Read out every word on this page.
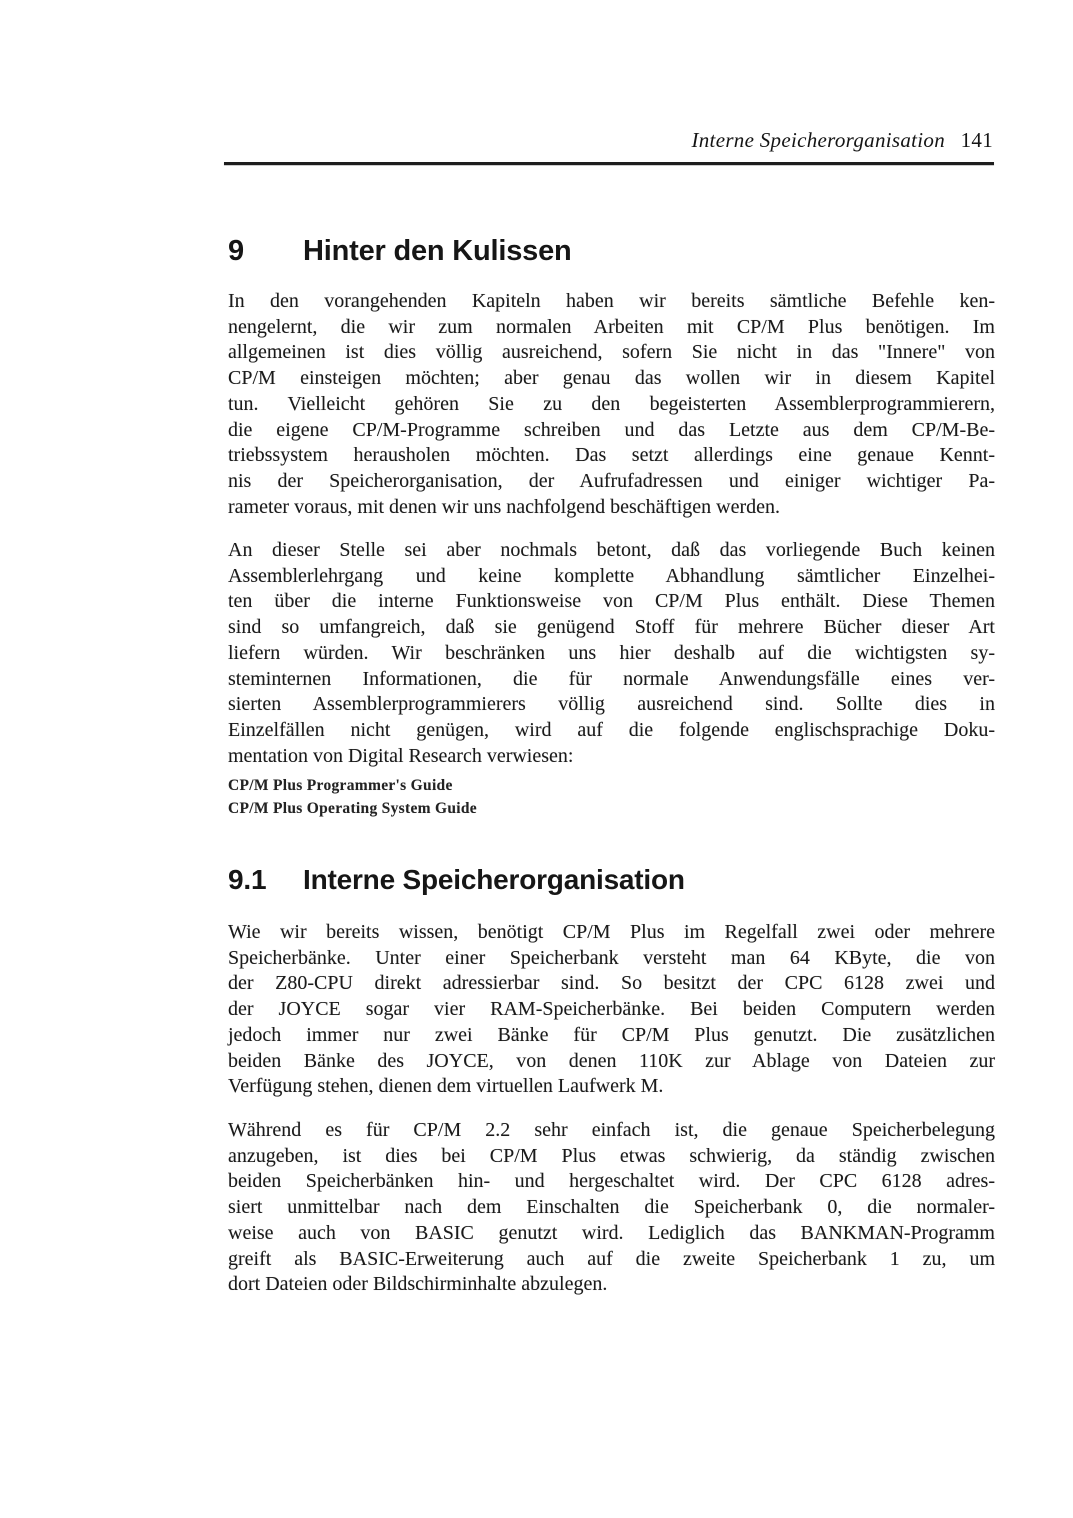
Interne Speicherorganisation 141
9	Hinter den Kulissen
In den vorangehenden Kapiteln haben wir bereits sämtliche Befehle ken-
nengelernt, die wir zum normalen Arbeiten mit CP/M Plus benötigen. Im
allgemeinen ist dies völlig ausreichend, sofern Sie nicht in das "Innere" von
CP/M einsteigen möchten; aber genau das wollen wir in diesem Kapitel
tun. Vielleicht gehören Sie zu den begeisterten Assemblerprogrammierern,
die eigene CP/M-Programme schreiben und das Letzte aus dem CP/M-Be-
triebssystem herausholen möchten. Das setzt allerdings eine genaue Kennt-
nis der Speicherorganisation, der Aufrufadressen und einiger wichtiger Pa-
rameter voraus, mit denen wir uns nachfolgend beschäftigen werden.
An dieser Stelle sei aber nochmals betont, daß das vorliegende Buch keinen
Assemblerlehrgang und keine komplette Abhandlung sämtlicher Einzelhei-
ten über die interne Funktionsweise von CP/M Plus enthält. Diese Themen
sind so umfangreich, daß sie genügend Stoff für mehrere Bücher dieser Art
liefern würden. Wir beschränken uns hier deshalb auf die wichtigsten sy-
steminternen Informationen, die für normale Anwendungsfälle eines ver-
sierten Assemblerprogrammierers völlig ausreichend sind. Sollte dies in
Einzelfällen nicht genügen, wird auf die folgende englischsprachige Doku-
mentation von Digital Research verwiesen:
CP/M Plus Programmer's Guide
CP/M Plus Operating System Guide
9.1	Interne Speicherorganisation
Wie wir bereits wissen, benötigt CP/M Plus im Regelfall zwei oder mehrere
Speicherbänke. Unter einer Speicherbank versteht man 64 KByte, die von
der Z80-CPU direkt adressierbar sind. So besitzt der CPC 6128 zwei und
der JOYCE sogar vier RAM-Speicherbänke. Bei beiden Computern werden
jedoch immer nur zwei Bänke für CP/M Plus genutzt. Die zusätzlichen
beiden Bänke des JOYCE, von denen 110K zur Ablage von Dateien zur
Verfügung stehen, dienen dem virtuellen Laufwerk M.
Während es für CP/M 2.2 sehr einfach ist, die genaue Speicherbelegung
anzugeben, ist dies bei CP/M Plus etwas schwierig, da ständig zwischen
beiden Speicherbänken hin- und hergeschaltet wird. Der CPC 6128 adres-
siert unmittelbar nach dem Einschalten die Speicherbank 0, die normaler-
weise auch von BASIC genutzt wird. Lediglich das BANKMAN-Programm
greift als BASIC-Erweiterung auch auf die zweite Speicherbank 1 zu, um
dort Dateien oder Bildschirminhalte abzulegen.
